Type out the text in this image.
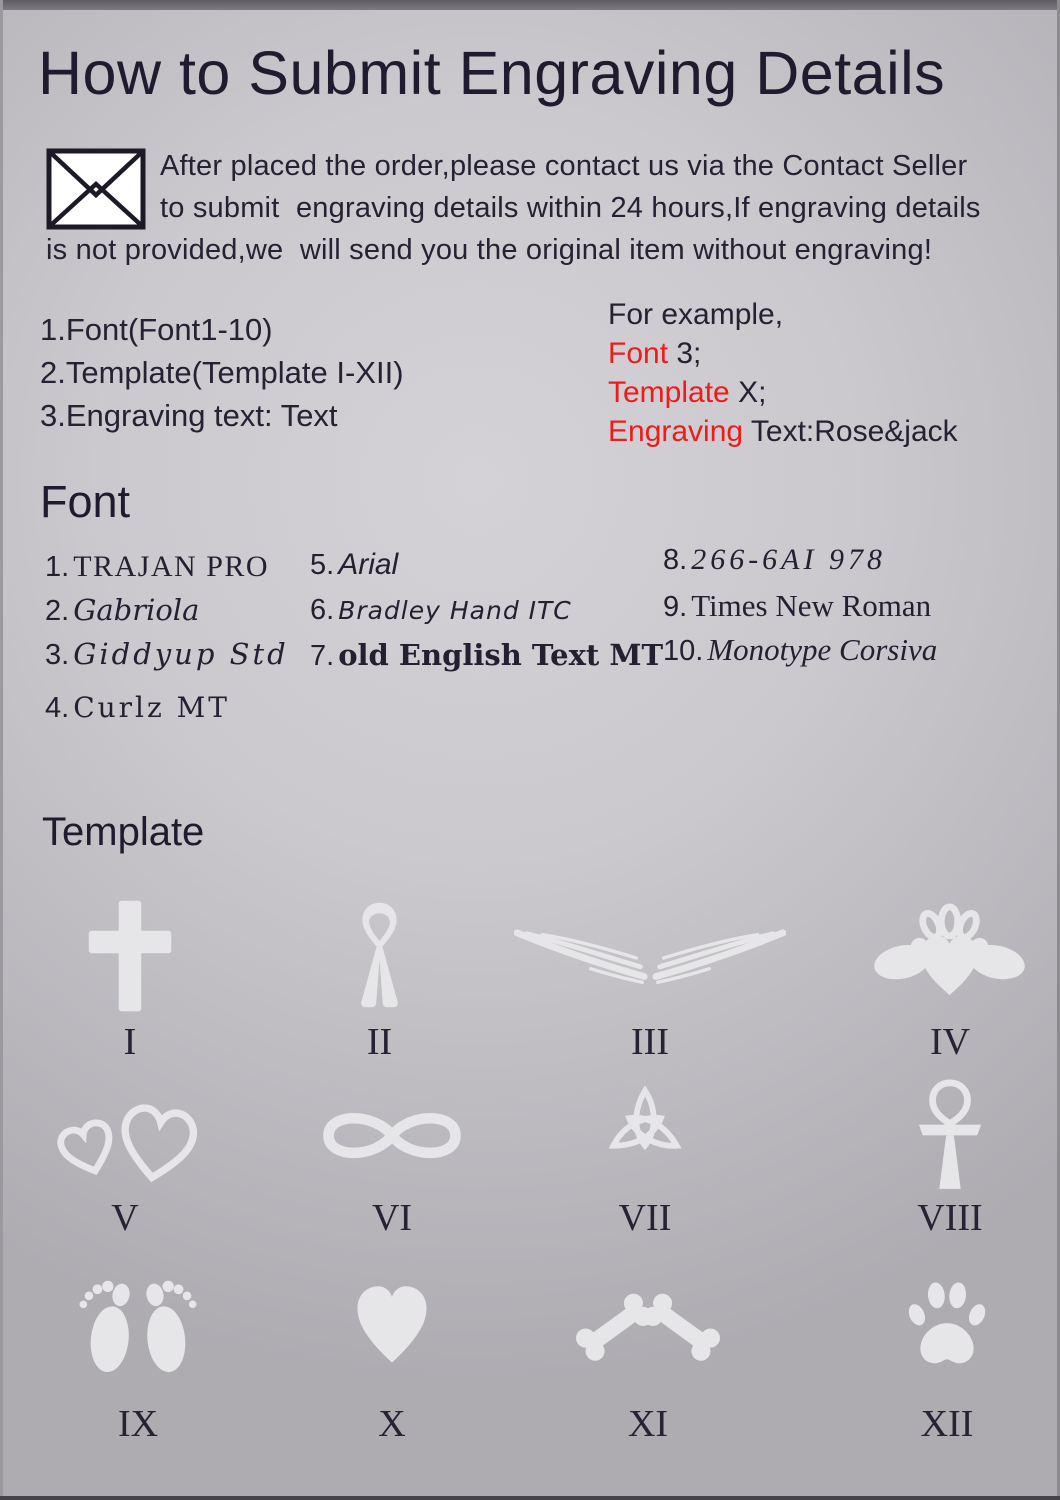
How to Submit Engraving Details
After placed the order,please contact us via the Contact Seller
to submit  engraving details within 24 hours,If engraving details
is not provided,we  will send you the original item without engraving!
1.Font(Font1-10)
2.Template(Template I-XII)
3.Engraving text: Text
For example,
Font 3;
Template X;
Engraving Text:Rose&jack
Font
1. TRAJAN PRO
2. Gabriola
3. Giddyup Std
4. Curlz MT
5. Arial
6. Bradley Hand ITC
7. old English Text MT
8. 266-6AI 978
9. Times New Roman
10. Monotype Corsiva
Template
I	II	III	IV
V	VI	VII	VIII
IX	X	XI	XII
